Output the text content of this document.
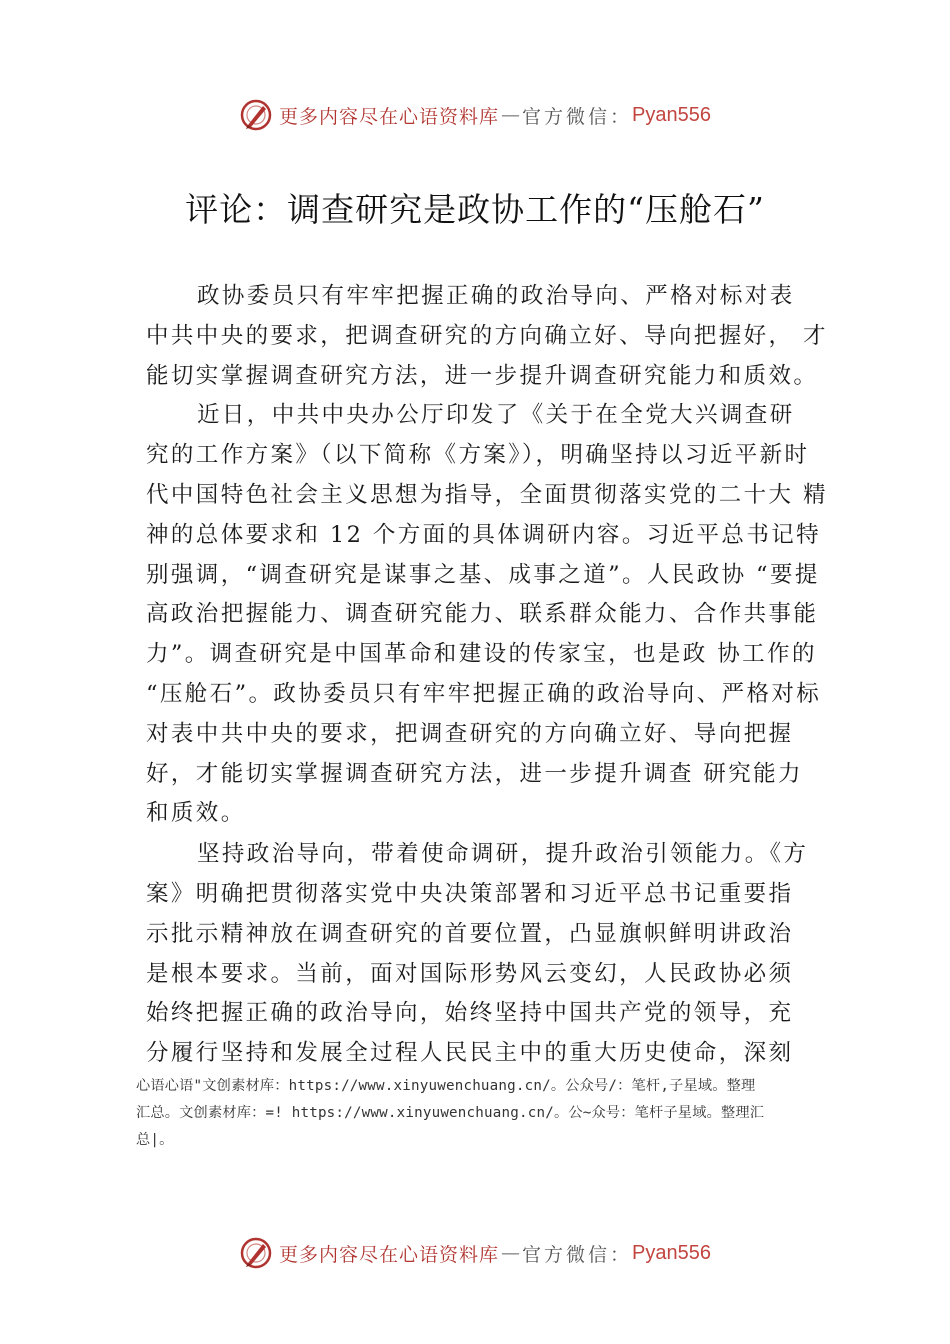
更多内容尽在心语资料库 — 官方微信： Pyan556
评论：调查研究是政协工作的“压舱石”
政协委员只有牢牢把握正确的政治导向、严格对标对表
中共中央的要求，把调查研究的方向确立好、导向把握好， 才
能切实掌握调查研究方法，进一步提升调查研究能力和质效。
近日，中共中央办公厅印发了《关于在全党大兴调查研
究的工作方案》（以下简称《方案》），明确坚持以习近平新时
代中国特色社会主义思想为指导，全面贯彻落实党的二十大 精
神的总体要求和 12 个方面的具体调研内容。习近平总书记特
别强调，“调查研究是谋事之基、成事之道”。人民政协 “要提
高政治把握能力、调查研究能力、联系群众能力、合作共事能
力”。调查研究是中国革命和建设的传家宝，也是政 协工作的
“压舱石”。政协委员只有牢牢把握正确的政治导向、严格对标
对表中共中央的要求，把调查研究的方向确立好、导向把握
好，才能切实掌握调查研究方法，进一步提升调查 研究能力
和质效。
坚持政治导向，带着使命调研，提升政治引领能力。《方
案》明确把贯彻落实党中央决策部署和习近平总书记重要指
示批示精神放在调查研究的首要位置，凸显旗帜鲜明讲政治
是根本要求。当前，面对国际形势风云变幻，人民政协必须
始终把握正确的政治导向，始终坚持中国共产党的领导，充
分履行坚持和发展全过程人民民主中的重大历史使命，深刻
心语心语"文创素材库：https://www.xinyuwenchuang.cn/。公众号/：笔杆,子星域。整理
汇总。文创素材库：=! https://www.xinyuwenchuang.cn/。公~众号：笔杆子星域。整理汇
总|。
更多内容尽在心语资料库 — 官方微信： Pyan556
